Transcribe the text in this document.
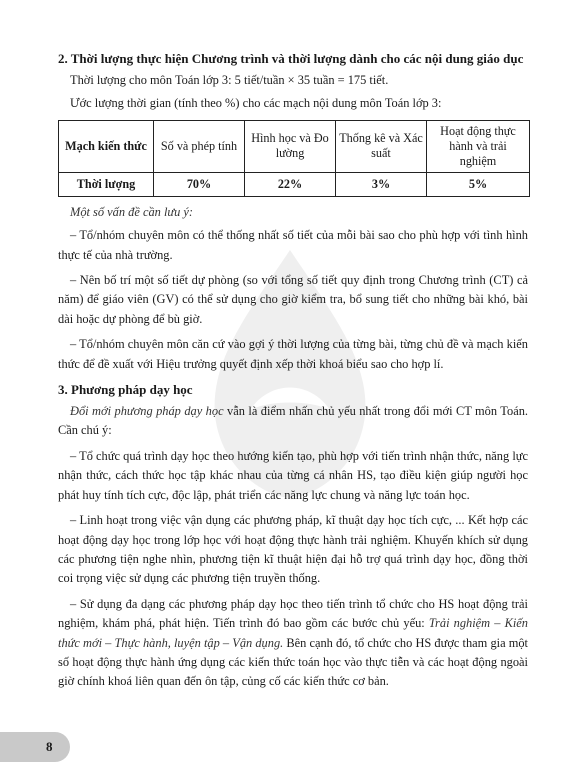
2. Thời lượng thực hiện Chương trình và thời lượng dành cho các nội dung giáo dục

Thời lượng cho môn Toán lớp 3: 5 tiết/tuần × 35 tuần = 175 tiết.

Ước lượng thời gian (tính theo %) cho các mạch nội dung môn Toán lớp 3:

Mạch kiến thức	Số và phép tính	Hình học và Đo lường	Thống kê và Xác suất	Hoạt động thực hành và trải nghiệm
Thời lượng	70%	22%	3%	5%

Một số vấn đề cần lưu ý:

– Tổ/nhóm chuyên môn có thể thống nhất số tiết của mỗi bài sao cho phù hợp với tình hình thực tế của nhà trường.

– Nên bố trí một số tiết dự phòng (so với tổng số tiết quy định trong Chương trình (CT) cả năm) để giáo viên (GV) có thể sử dụng cho giờ kiểm tra, bổ sung tiết cho những bài khó, bài dài hoặc dự phòng để bù giờ.

– Tổ/nhóm chuyên môn căn cứ vào gợi ý thời lượng của từng bài, từng chủ đề và mạch kiến thức để đề xuất với Hiệu trưởng quyết định xếp thời khoá biểu sao cho hợp lí.

3. Phương pháp dạy học

Đổi mới phương pháp dạy học vẫn là điểm nhấn chủ yếu nhất trong đổi mới CT môn Toán. Cần chú ý:

– Tổ chức quá trình dạy học theo hướng kiến tạo, phù hợp với tiến trình nhận thức, năng lực nhận thức, cách thức học tập khác nhau của từng cá nhân HS, tạo điều kiện giúp người học phát huy tính tích cực, độc lập, phát triển các năng lực chung và năng lực toán học.

– Linh hoạt trong việc vận dụng các phương pháp, kĩ thuật dạy học tích cực, ... Kết hợp các hoạt động dạy học trong lớp học với hoạt động thực hành trải nghiệm. Khuyến khích sử dụng các phương tiện nghe nhìn, phương tiện kĩ thuật hiện đại hỗ trợ quá trình dạy học, đồng thời coi trọng việc sử dụng các phương tiện truyền thống.

– Sử dụng đa dạng các phương pháp dạy học theo tiến trình tổ chức cho HS hoạt động trải nghiệm, khám phá, phát hiện. Tiến trình đó bao gồm các bước chủ yếu: Trải nghiệm – Kiến thức mới – Thực hành, luyện tập – Vận dụng. Bên cạnh đó, tổ chức cho HS được tham gia một số hoạt động thực hành ứng dụng các kiến thức toán học vào thực tiễn và các hoạt động ngoài giờ chính khoá liên quan đến ôn tập, củng cố các kiến thức cơ bản.

8
